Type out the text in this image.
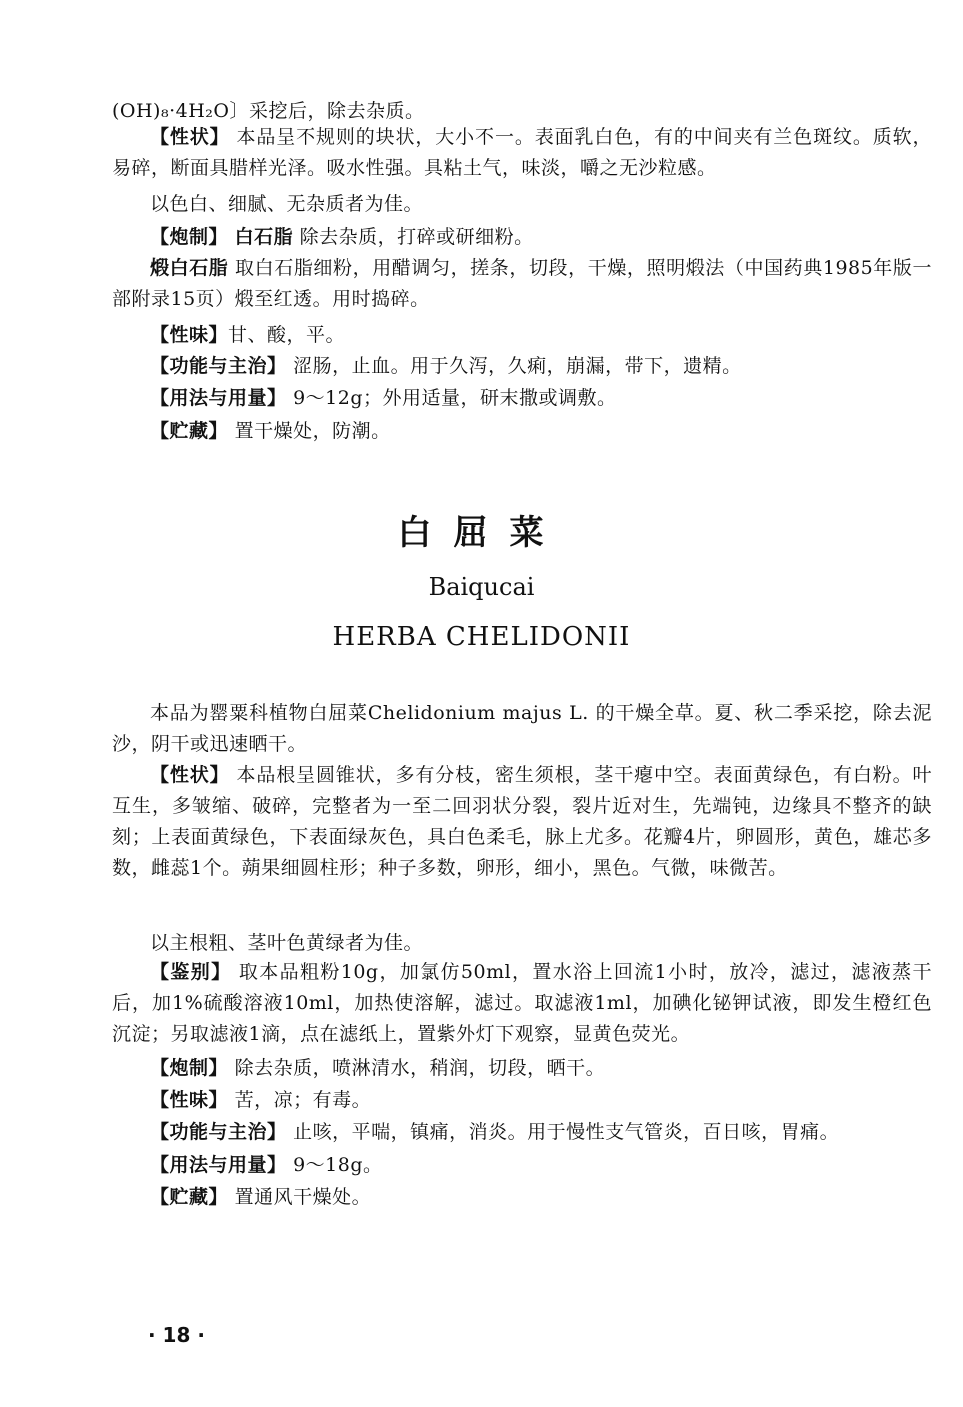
(OH)₈·4H₂O〕采挖后，除去杂质。

【性状】 本品呈不规则的块状，大小不一。表面乳白色，有的中间夹有兰色斑纹。质软，易碎，断面具腊样光泽。吸水性强。具粘土气，味淡，嚼之无沙粒感。

以色白、细腻、无杂质者为佳。

【炮制】 白石脂 除去杂质，打碎或研细粉。

煅白石脂 取白石脂细粉，用醋调匀，搓条，切段，干燥，照明煅法（中国药典1985年版一部附录15页）煅至红透。用时捣碎。

【性味】甘、酸，平。

【功能与主治】 涩肠，止血。用于久泻，久痢，崩漏，带下，遗精。

【用法与用量】 9～12g；外用适量，研末撒或调敷。

【贮藏】 置干燥处，防潮。

白屈菜
Baiqucai
HERBA CHELIDONII

本品为罂粟科植物白屈菜Chelidonium majus L. 的干燥全草。夏、秋二季采挖，除去泥沙，阴干或迅速晒干。

【性状】 本品根呈圆锥状，多有分枝，密生须根，茎干瘪中空。表面黄绿色，有白粉。叶互生，多皱缩、破碎，完整者为一至二回羽状分裂，裂片近对生，先端钝，边缘具不整齐的缺刻；上表面黄绿色，下表面绿灰色，具白色柔毛，脉上尤多。花瓣4片，卵圆形，黄色，雄芯多数，雌蕊1个。蒴果细圆柱形；种子多数，卵形，细小，黑色。气微，味微苦。

以主根粗、茎叶色黄绿者为佳。

【鉴别】 取本品粗粉10g，加氯仿50ml，置水浴上回流1小时，放冷，滤过，滤液蒸干后，加1%硫酸溶液10ml，加热使溶解，滤过。取滤液1ml，加碘化铋钾试液，即发生橙红色沉淀；另取滤液1滴，点在滤纸上，置紫外灯下观察，显黄色荧光。

【炮制】 除去杂质，喷淋清水，稍润，切段，晒干。

【性味】 苦，凉；有毒。

【功能与主治】 止咳，平喘，镇痛，消炎。用于慢性支气管炎，百日咳，胃痛。

【用法与用量】 9～18g。

【贮藏】 置通风干燥处。

· 18 ·
